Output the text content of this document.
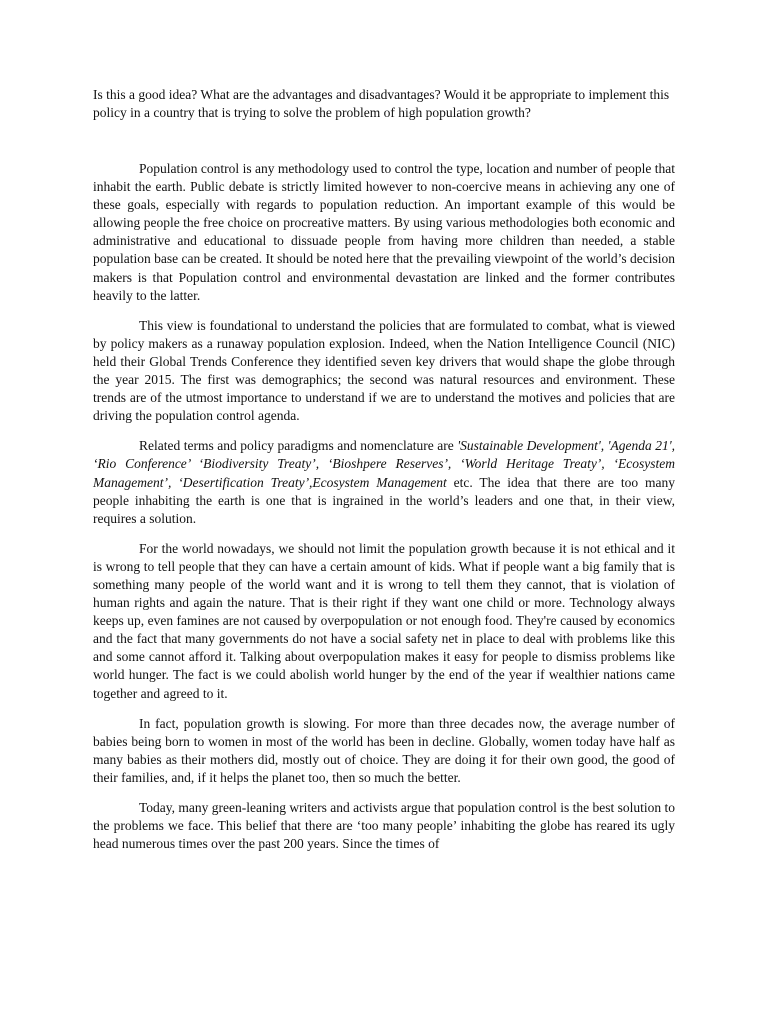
Is this a good idea? What are the advantages and disadvantages? Would it be appropriate to implement this policy in a country that is trying to solve the problem of high population growth?

Population control is any methodology used to control the type, location and number of people that inhabit the earth. Public debate is strictly limited however to non-coercive means in achieving any one of these goals, especially with regards to population reduction. An important example of this would be allowing people the free choice on procreative matters. By using various methodologies both economic and administrative and educational to dissuade people from having more children than needed, a stable population base can be created. It should be noted here that the prevailing viewpoint of the world’s decision makers is that Population control and environmental devastation are linked and the former contributes heavily to the latter.

This view is foundational to understand the policies that are formulated to combat, what is viewed by policy makers as a runaway population explosion. Indeed, when the Nation Intelligence Council (NIC) held their Global Trends Conference they identified seven key drivers that would shape the globe through the year 2015. The first was demographics; the second was natural resources and environment. These trends are of the utmost importance to understand if we are to understand the motives and policies that are driving the population control agenda.

Related terms and policy paradigms and nomenclature are 'Sustainable Development', 'Agenda 21', ‘Rio Conference’ ‘Biodiversity Treaty’, ‘Bioshpere Reserves’, ‘World Heritage Treaty’, ‘Ecosystem Management’, ‘Desertification Treaty’,Ecosystem Management etc. The idea that there are too many people inhabiting the earth is one that is ingrained in the world’s leaders and one that, in their view, requires a solution.

For the world nowadays, we should not limit the population growth because it is not ethical and it is wrong to tell people that they can have a certain amount of kids. What if people want a big family that is something many people of the world want and it is wrong to tell them they cannot, that is violation of human rights and again the nature. That is their right if they want one child or more. Technology always keeps up, even famines are not caused by overpopulation or not enough food. They're caused by economics and the fact that many governments do not have a social safety net in place to deal with problems like this and some cannot afford it. Talking about overpopulation makes it easy for people to dismiss problems like world hunger. The fact is we could abolish world hunger by the end of the year if wealthier nations came together and agreed to it.

In fact, population growth is slowing. For more than three decades now, the average number of babies being born to women in most of the world has been in decline. Globally, women today have half as many babies as their mothers did, mostly out of choice. They are doing it for their own good, the good of their families, and, if it helps the planet too, then so much the better.

Today, many green-leaning writers and activists argue that population control is the best solution to the problems we face. This belief that there are ‘too many people’ inhabiting the globe has reared its ugly head numerous times over the past 200 years. Since the times of
